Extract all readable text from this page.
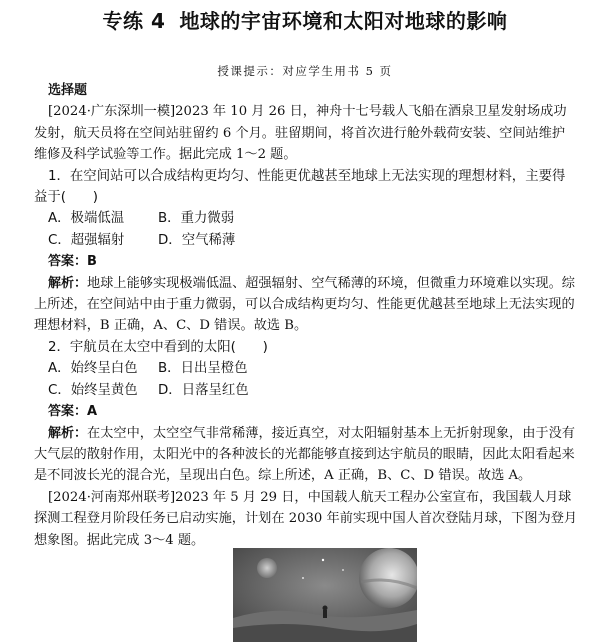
专练 4 地球的宇宙环境和太阳对地球的影响
授课提示：对应学生用书 5 页

选择题

[2024·广东深圳一模]2023 年 10 月 26 日，神舟十七号载人飞船在酒泉卫星发射场成功发射，航天员将在空间站驻留约 6 个月。驻留期间，将首次进行舱外载荷安装、空间站维护维修及科学试验等工作。据此完成 1～2 题。

1．在空间站可以合成结构更均匀、性能更优越甚至地球上无法实现的理想材料，主要得益于(　　)

A．极端低温	B．重力微弱
C．超强辐射	D．空气稀薄

答案：B

解析：地球上能够实现极端低温、超强辐射、空气稀薄的环境，但微重力环境难以实现。综上所述，在空间站中由于重力微弱，可以合成结构更均匀、性能更优越甚至地球上无法实现的理想材料，B 正确，A、C、D 错误。故选 B。

2．宇航员在太空中看到的太阳(　　)

A．始终呈白色	B．日出呈橙色
C．始终呈黄色	D．日落呈红色

答案：A

解析：在太空中，太空空气非常稀薄，接近真空，对太阳辐射基本上无折射现象，由于没有大气层的散射作用，太阳光中的各种波长的光都能够直接到达宇航员的眼睛，因此太阳看起来是不同波长光的混合光，呈现出白色。综上所述，A 正确，B、C、D 错误。故选 A。

[2024·河南郑州联考]2023 年 5 月 29 日，中国载人航天工程办公室宣布，我国载人月球探测工程登月阶段任务已启动实施，计划在 2030 年前实现中国人首次登陆月球，下图为登月想象图。据此完成 3～4 题。
